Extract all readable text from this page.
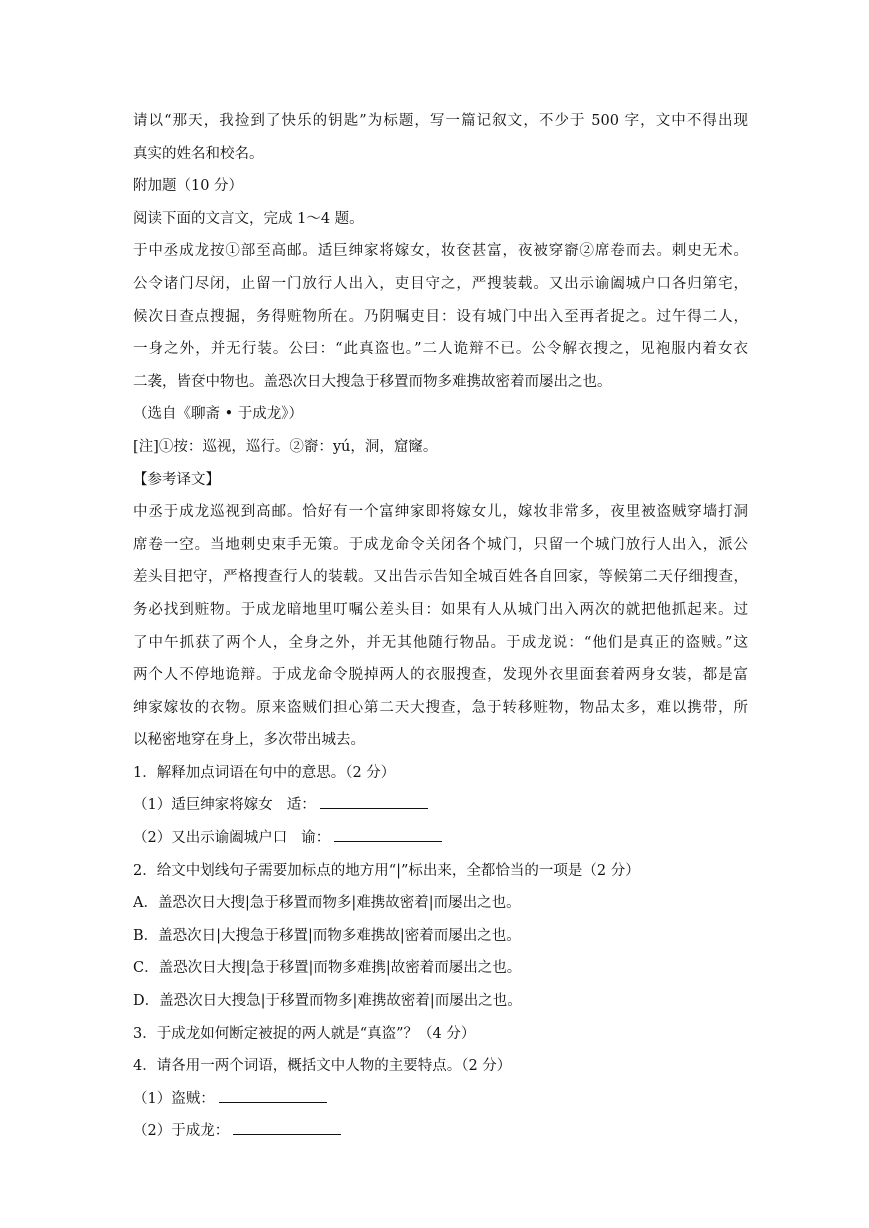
请以“那天，我捡到了快乐的钥匙”为标题，写一篇记叙文，不少于 500 字，文中不得出现
真实的姓名和校名。
附加题（10 分）
阅读下面的文言文，完成 1～4 题。
于中丞成龙按①部至高邮。适巨绅家将嫁女，妆奁甚富，夜被穿窬②席卷而去。刺史无术。
公令诸门尽闭，止留一门放行人出入，吏目守之，严搜装载。又出示谕阖城户口各归第宅，
候次日查点搜掘，务得赃物所在。乃阴嘱吏目：设有城门中出入至再者捉之。过午得二人，
一身之外，并无行装。公曰：“此真盗也。”二人诡辩不已。公令解衣搜之，见袍服内着女衣
二袭，皆奁中物也。盖恐次日大搜急于移置而物多难携故密着而屡出之也。
（选自《聊斋 • 于成龙》）
[注]①按：巡视，巡行。②窬：yú，洞，窟窿。
【参考译文】
中丞于成龙巡视到高邮。恰好有一个富绅家即将嫁女儿，嫁妆非常多，夜里被盗贼穿墙打洞
席卷一空。当地刺史束手无策。于成龙命令关闭各个城门，只留一个城门放行人出入，派公
差头目把守，严格搜查行人的装载。又出告示告知全城百姓各自回家，等候第二天仔细搜查，
务必找到赃物。于成龙暗地里叮嘱公差头目：如果有人从城门出入两次的就把他抓起来。过
了中午抓获了两个人，全身之外，并无其他随行物品。于成龙说：“他们是真正的盗贼。”这
两个人不停地诡辩。于成龙命令脱掉两人的衣服搜查，发现外衣里面套着两身女装，都是富
绅家嫁妆的衣物。原来盗贼们担心第二天大搜查，急于转移赃物，物品太多，难以携带，所
以秘密地穿在身上，多次带出城去。
1．解释加点词语在句中的意思。（2 分）
（1）适巨绅家将嫁女 适：
（2）又出示谕阖城户口 谕：
2．给文中划线句子需要加标点的地方用“|”标出来，全都恰当的一项是（2 分）
A．盖恐次日大搜|急于移置而物多|难携故密着|而屡出之也。
B．盖恐次日|大搜急于移置|而物多难携故|密着而屡出之也。
C．盖恐次日大搜|急于移置|而物多难携|故密着而屡出之也。
D．盖恐次日大搜急|于移置而物多|难携故密着|而屡出之也。
3．于成龙如何断定被捉的两人就是“真盗”？（4 分）
4．请各用一两个词语，概括文中人物的主要特点。（2 分）
（1）盗贼：
（2）于成龙：
